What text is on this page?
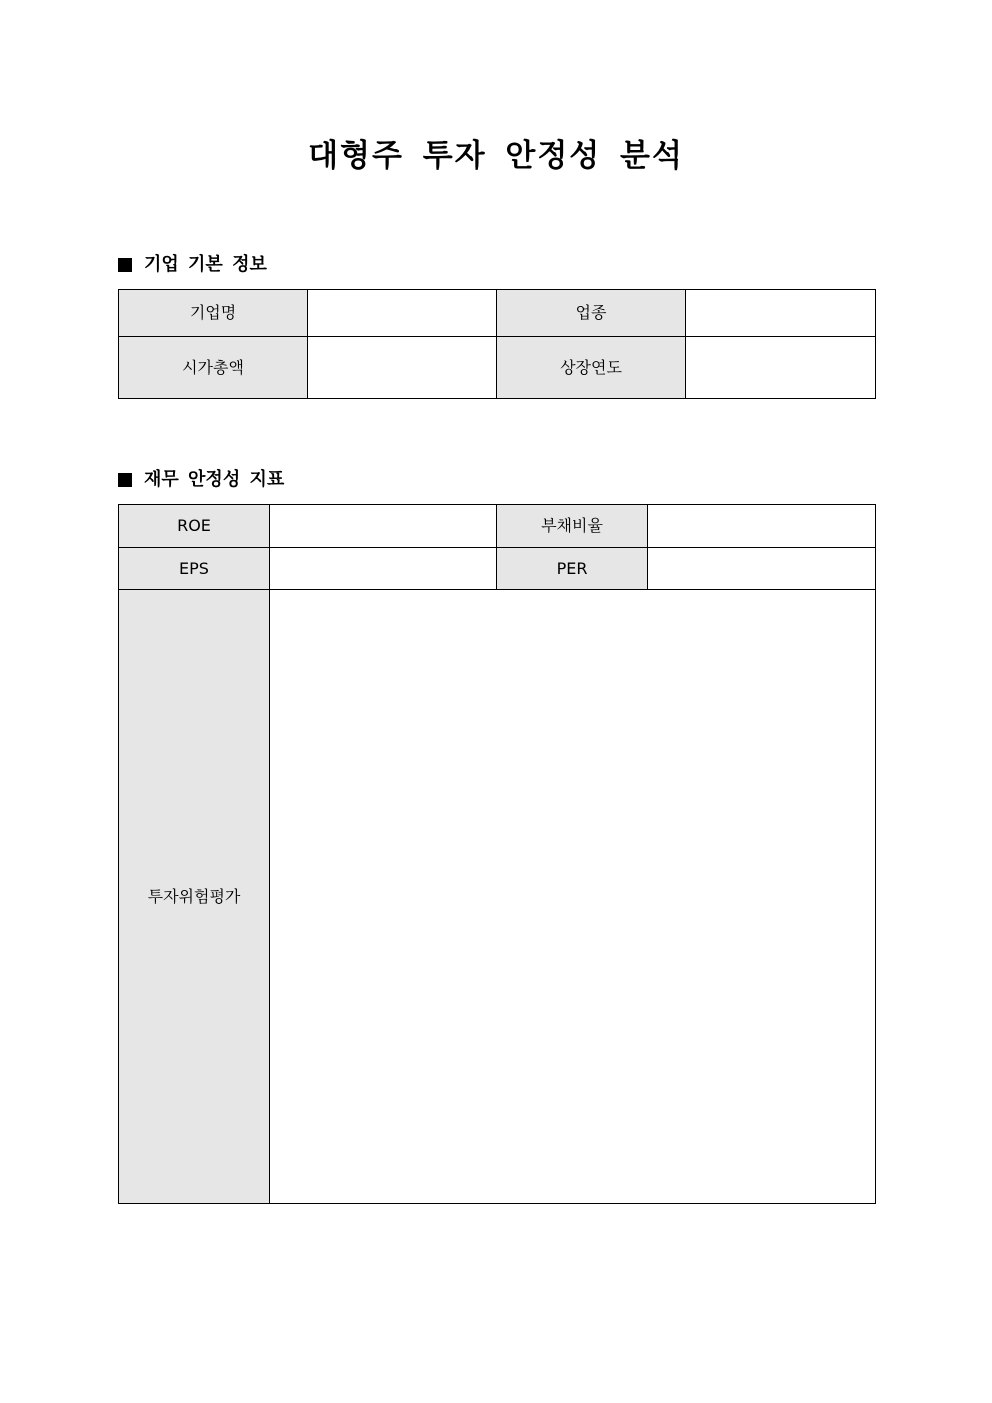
대형주 투자 안정성 분석
기업 기본 정보
기업명		업종	
시가총액		상장연도	
재무 안정성 지표
ROE		부채비율	
EPS		PER	
투자위험평가			
